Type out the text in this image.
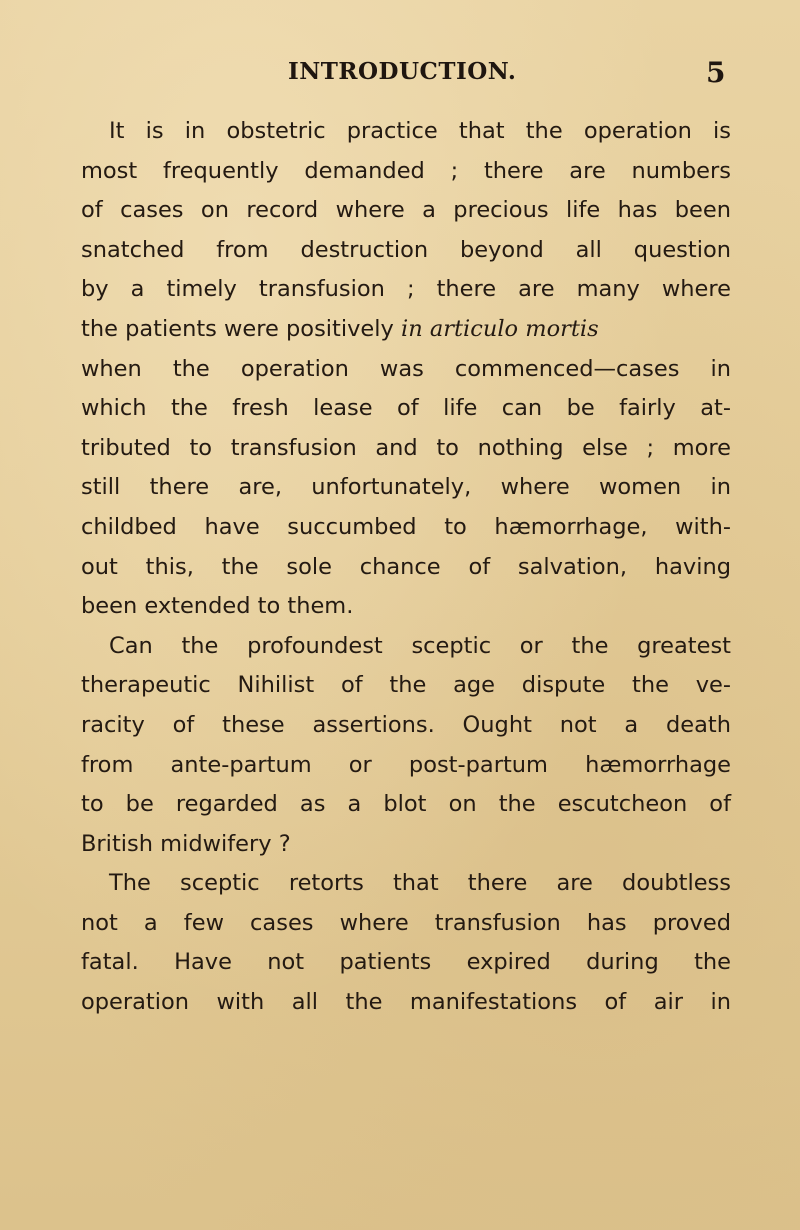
INTRODUCTION.	5
It is in obstetric practice that the operation is
most frequently demanded ; there are numbers
of cases on record where a precious life has been
snatched from destruction beyond all question
by a timely transfusion ; there are many where
the patients were positively in articulo mortis
when the operation was commenced—cases in
which the fresh lease of life can be fairly at-
tributed to transfusion and to nothing else ; more
still there are, unfortunately, where women in
childbed have succumbed to hæmorrhage, with-
out this, the sole chance of salvation, having
been extended to them.
Can the profoundest sceptic or the greatest
therapeutic Nihilist of the age dispute the ve-
racity of these assertions. Ought not a death
from ante-partum or post-partum hæmorrhage
to be regarded as a blot on the escutcheon of
British midwifery ?
The sceptic retorts that there are doubtless
not a few cases where transfusion has proved
fatal. Have not patients expired during the
operation with all the manifestations of air in
